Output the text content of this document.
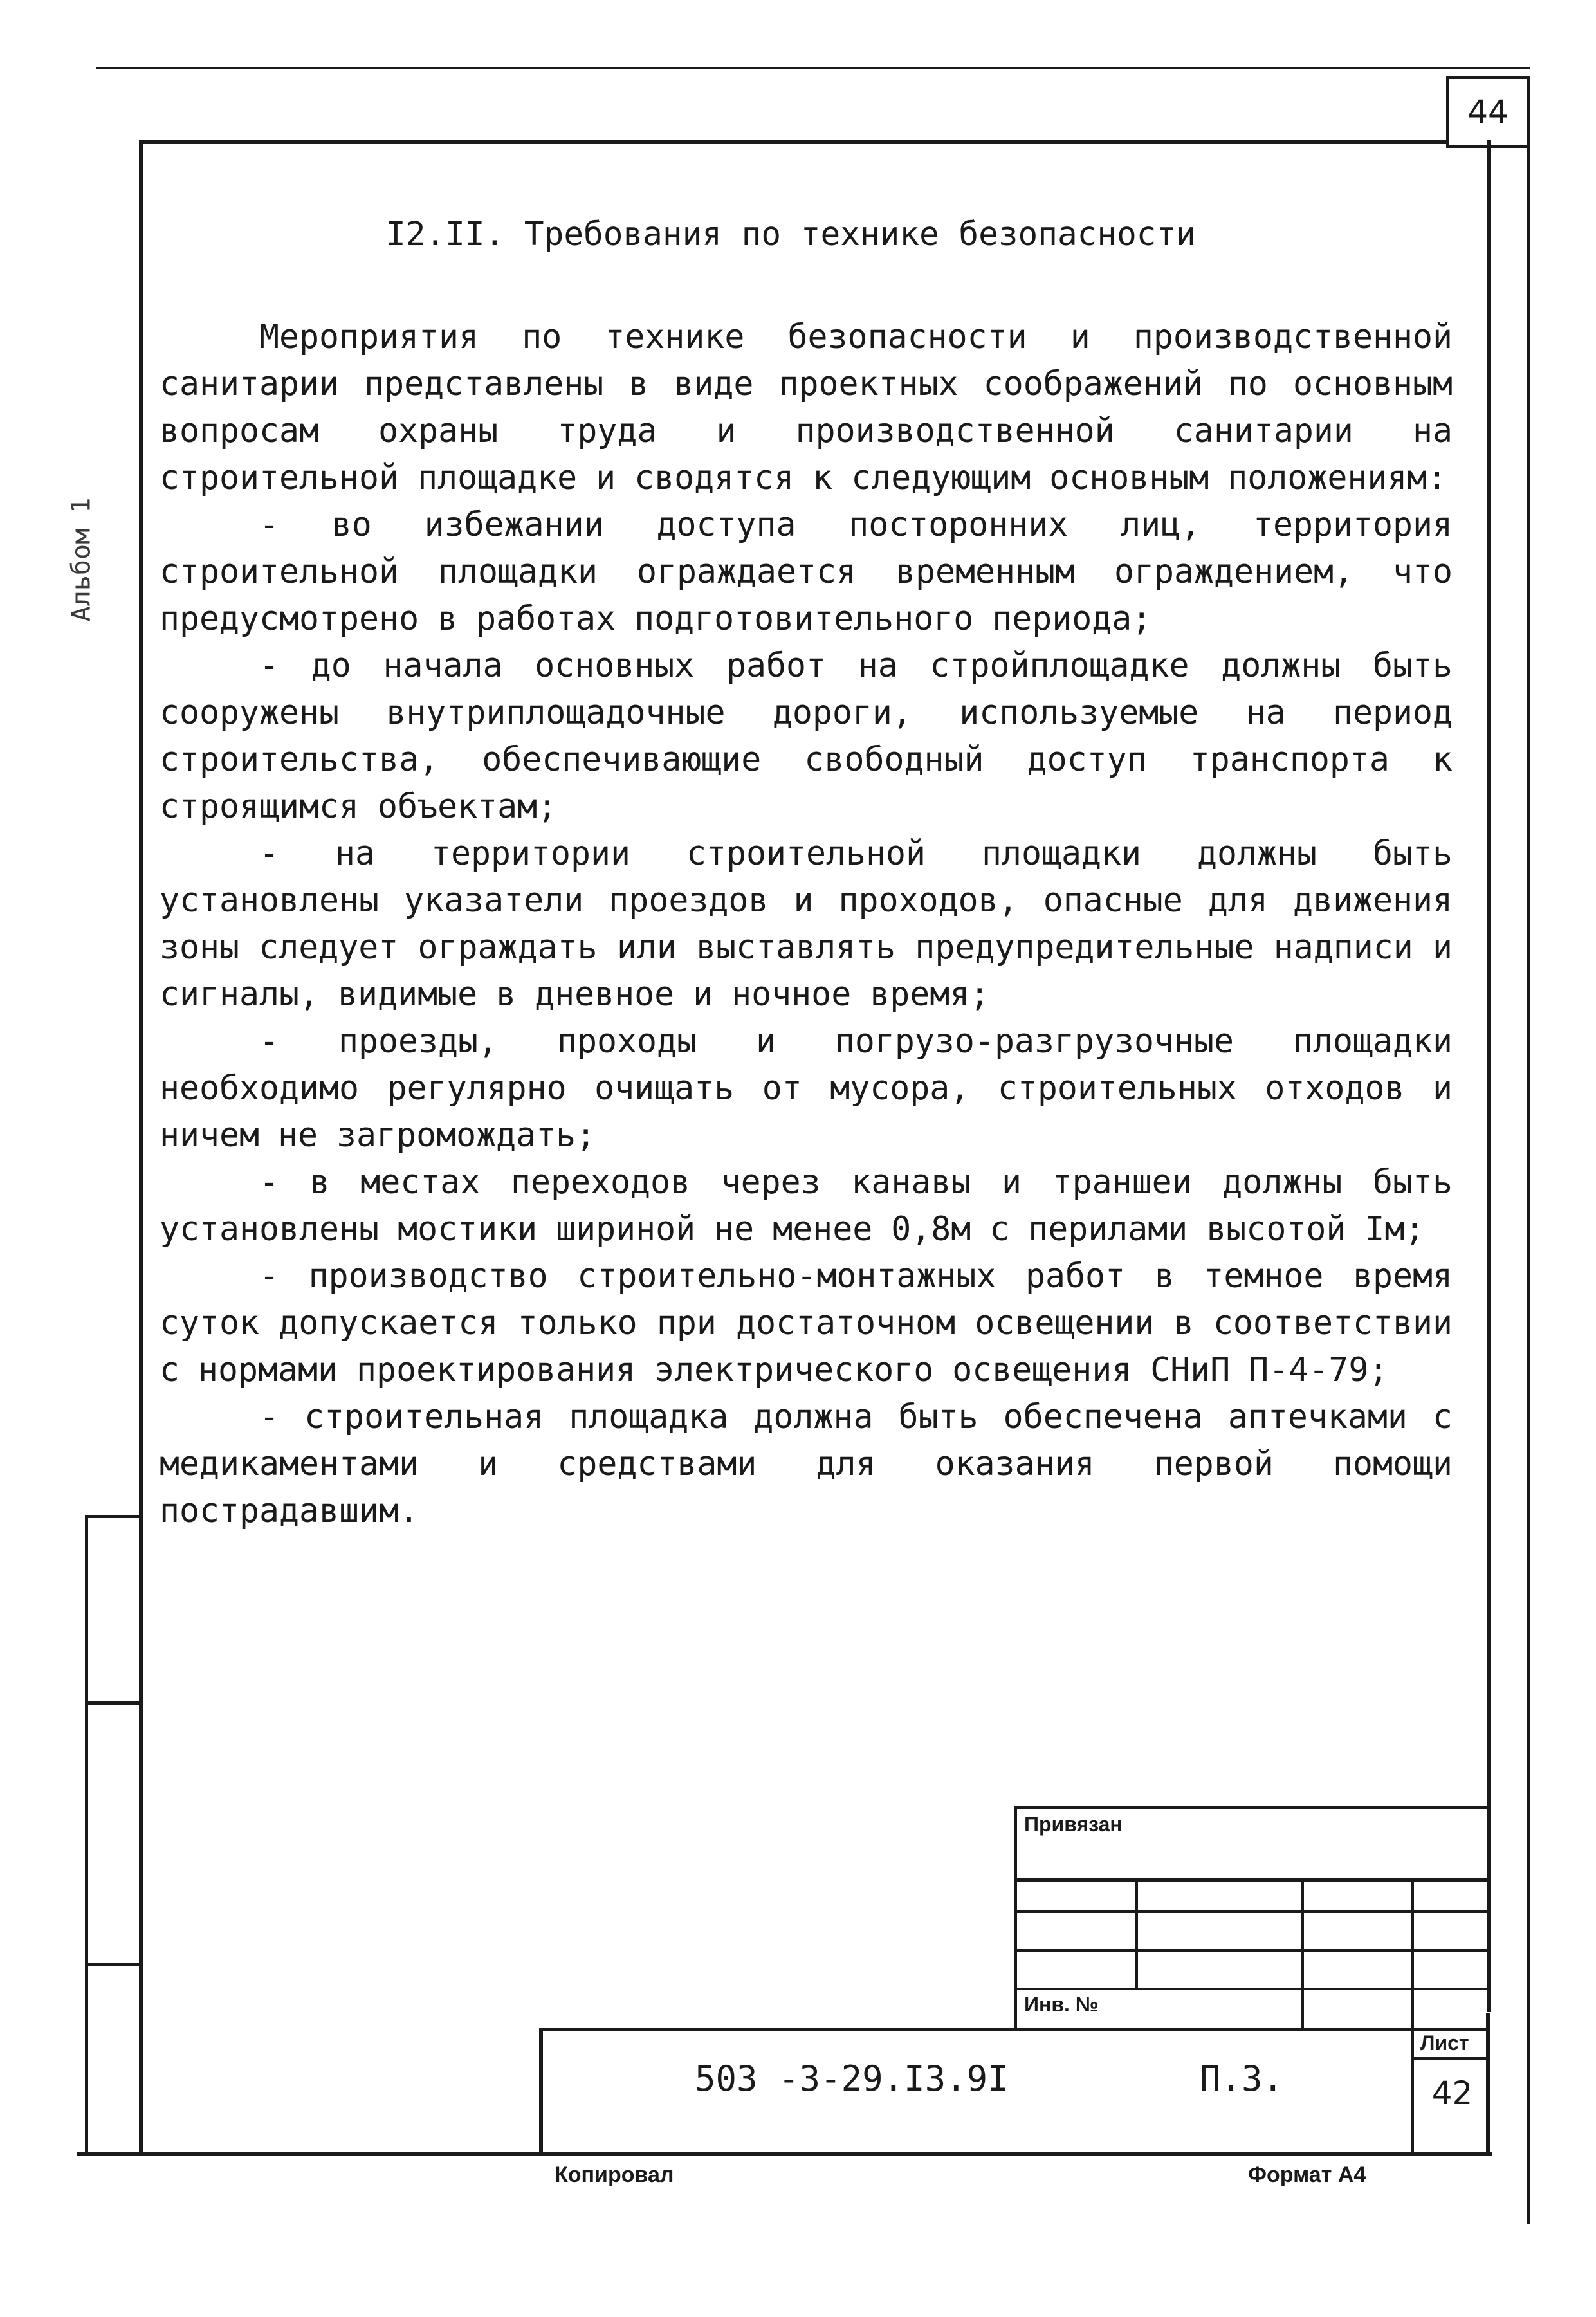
44
Альбом 1
I2.II. Требования по технике безопасности

Мероприятия по технике безопасности и производственной санитарии представлены в виде проектных соображений по основным вопросам охраны труда и производственной санитарии на строительной площадке и сводятся к следующим основным положениям:

- во избежании доступа посторонних лиц, территория строительной площадки ограждается временным ограждением, что предусмотрено в работах подготовительного периода;

- до начала основных работ на стройплощадке должны быть сооружены внутриплощадочные дороги, используемые на период строительства, обеспечивающие свободный доступ транспорта к строящимся объектам;

- на территории строительной площадки должны быть установлены указатели проездов и проходов, опасные для движения зоны следует ограждать или выставлять предупредительные надписи и сигналы, видимые в дневное и ночное время;

- проезды, проходы и погрузо-разгрузочные площадки необходимо регулярно очищать от мусора, строительных отходов и ничем не загромождать;

- в местах переходов через канавы и траншеи должны быть установлены мостики шириной не менее 0,8м с перилами высотой Iм;

- производство строительно-монтажных работ в темное время суток допускается только при достаточном освещении в соответствии с нормами проектирования электрического освещения СНиП П-4-79;

- строительная площадка должна быть обеспечена аптечками с медикаментами и средствами для оказания первой помощи пострадавшим.

Привязан
Инв. №
Лист
42
503 -3-29.I3.9I	П.3.
Копировал	Формат А4
